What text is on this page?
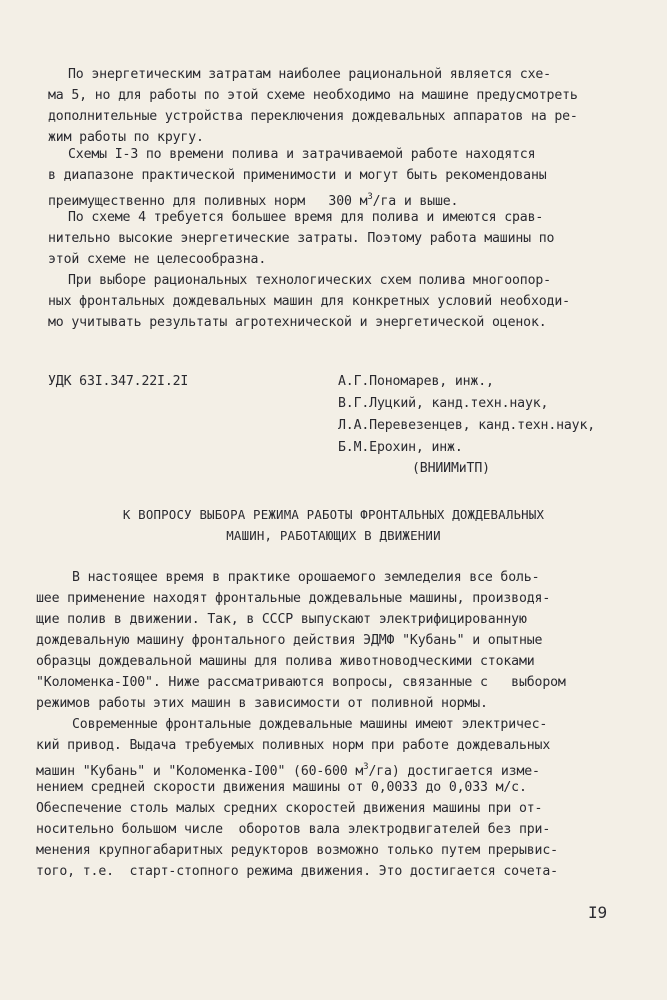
По энергетическим затратам наиболее рациональной является схе-
ма 5, но для работы по этой схеме необходимо на машине предусмотреть
дополнительные устройства переключения дождевальных аппаратов на ре-
жим работы по кругу.
Схемы I-3 по времени полива и затрачиваемой работе находятся
в диапазоне практической применимости и могут быть рекомендованы
преимущественно для поливных норм   300 $м^3/га$ и выше.
По схеме 4 требуется большее время для полива и имеются срав-
нительно высокие энергетические затраты. Поэтому работа машины по
этой схеме не целесообразна.
При выборе рациональных технологических схем полива многоопор-
ных фронтальных дождевальных машин для конкретных условий необходи-
мо учитывать результаты агротехнической и энергетической оценок.
УДК 63I.347.22I.2I	А.Г.Пономарев, инж.,
В.Г.Луцкий, канд.техн.наук,
Л.А.Перевезенцев, канд.техн.наук,
Б.М.Ерохин, инж.
(ВНИИМиТП)
К ВОПРОСУ ВЫБОРА РЕЖИМА РАБОТЫ ФРОНТАЛЬНЫХ ДОЖДЕВАЛЬНЫХ
МАШИН, РАБОТАЮЩИХ В ДВИЖЕНИИ
В настоящее время в практике орошаемого земледелия все боль-
шее применение находят фронтальные дождевальные машины, производя-
щие полив в движении. Так, в СССР выпускают электрифицированную
дождевальную машину фронтального действия ЭДМФ "Кубань" и опытные
образцы дождевальной машины для полива животноводческими стоками
"Коломенка-I00". Ниже рассматриваются вопросы, связанные с   выбором
режимов работы этих машин в зависимости от поливной нормы.
Современные фронтальные дождевальные машины имеют электричес-
кий привод. Выдача требуемых поливных норм при работе дождевальных
машин "Кубань" и "Коломенка-I00" (60-600 $м^3/га$) достигается изме-
нением средней скорости движения машины от 0,0033 до 0,033 м/с.
Обеспечение столь малых средних скоростей движения машины при от-
носительно большом числе  оборотов вала электродвигателей без при-
менения крупногабаритных редукторов возможно только путем прерывис-
того, т.е.  старт-стопного режима движения. Это достигается сочета-
I9
